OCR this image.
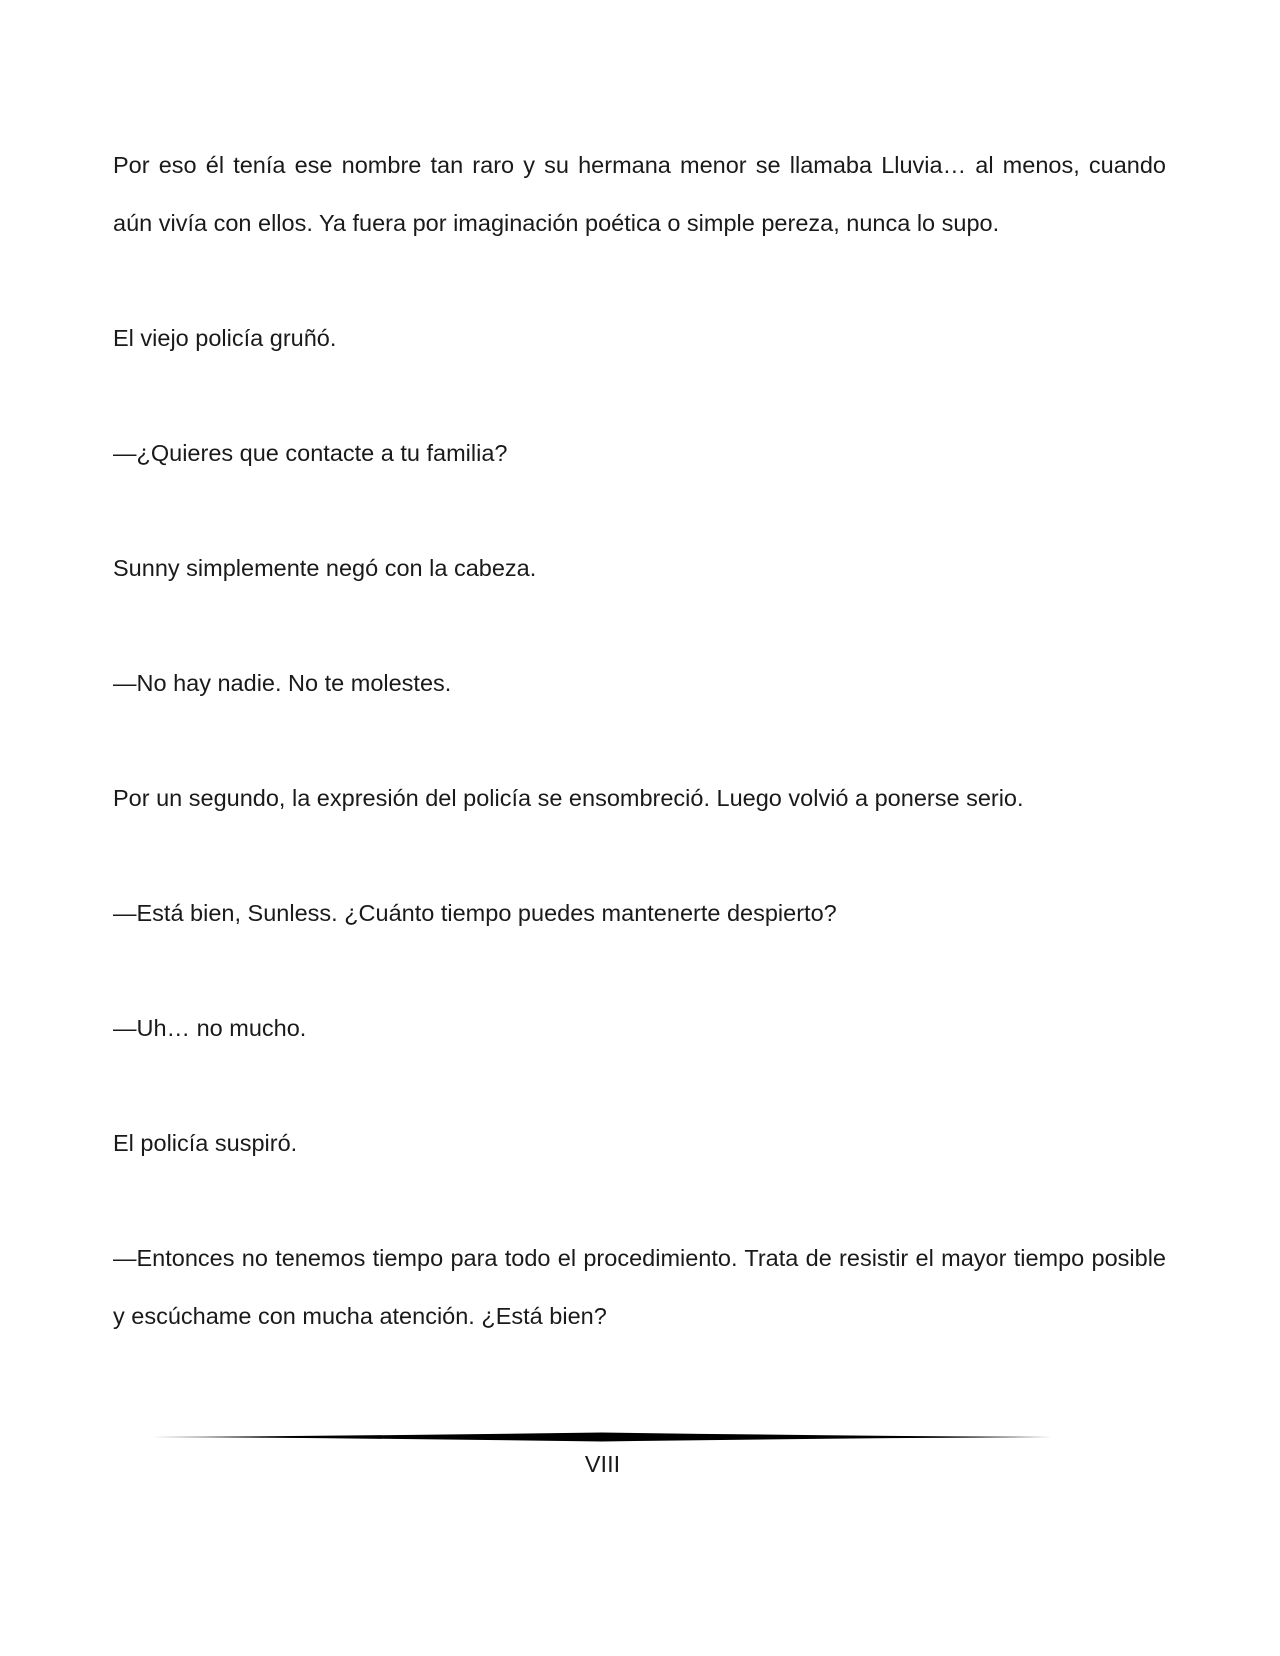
Por eso él tenía ese nombre tan raro y su hermana menor se llamaba Lluvia… al menos, cuando aún vivía con ellos. Ya fuera por imaginación poética o simple pereza, nunca lo supo.

El viejo policía gruñó.

—¿Quieres que contacte a tu familia?

Sunny simplemente negó con la cabeza.

—No hay nadie. No te molestes.

Por un segundo, la expresión del policía se ensombreció. Luego volvió a ponerse serio.

—Está bien, Sunless. ¿Cuánto tiempo puedes mantenerte despierto?

—Uh… no mucho.

El policía suspiró.

—Entonces no tenemos tiempo para todo el procedimiento. Trata de resistir el mayor tiempo posible y escúchame con mucha atención. ¿Está bien?

VIII
